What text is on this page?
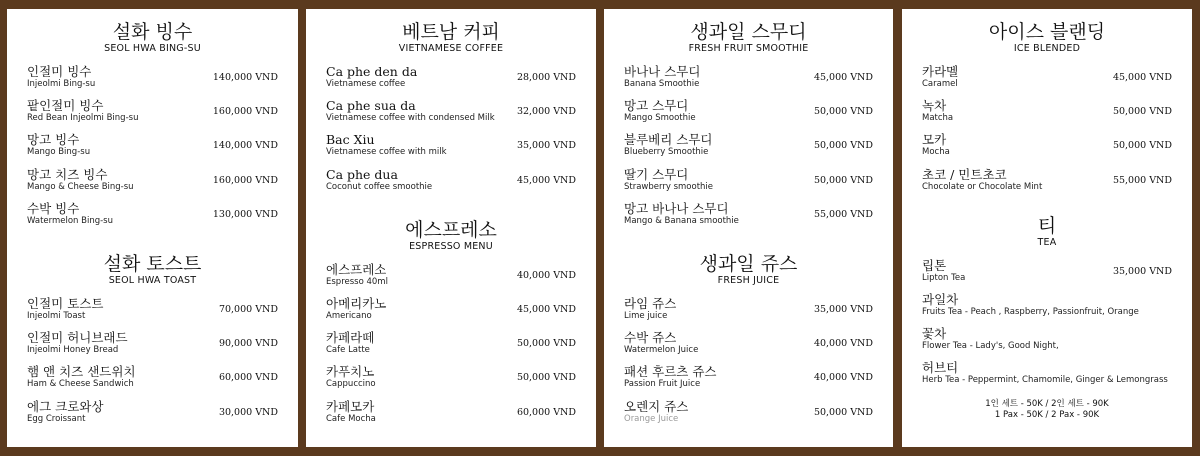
설화 빙수
SEOL HWA BING-SU
인절미 빙수
Injeolmi Bing-su
140,000 VND
팥인절미 빙수
Red Bean Injeolmi Bing-su
160,000 VND
망고 빙수
Mango Bing-su
140,000 VND
망고 치즈 빙수
Mango & Cheese Bing-su
160,000 VND
수박 빙수
Watermelon Bing-su
130,000 VND
설화 토스트
SEOL HWA TOAST
인절미 토스트
Injeolmi Toast
70,000 VND
인절미 허니브래드
Injeolmi Honey Bread
90,000 VND
햄 앤 치즈 샌드위치
Ham & Cheese Sandwich
60,000 VND
에그 크로와상
Egg Croissant
30,000 VND
베트남 커피
VIETNAMESE COFFEE
Ca phe den da
Vietnamese coffee
28,000 VND
Ca phe sua da
Vietnamese coffee with condensed Milk
32,000 VND
Bac Xiu
Vietnamese coffee with milk
35,000 VND
Ca phe dua
Coconut coffee smoothie
45,000 VND
에스프레소
ESPRESSO MENU
에스프레소
Espresso 40ml
40,000 VND
아메리카노
Americano
45,000 VND
카페라떼
Cafe Latte
50,000 VND
카푸치노
Cappuccino
50,000 VND
카페모카
Cafe Mocha
60,000 VND
생과일 스무디
FRESH FRUIT SMOOTHIE
바나나 스무디
Banana Smoothie
45,000 VND
망고 스무디
Mango Smoothie
50,000 VND
블루베리 스무디
Blueberry Smoothie
50,000 VND
딸기 스무디
Strawberry smoothie
50,000 VND
망고 바나나 스무디
Mango & Banana smoothie
55,000 VND
생과일 쥬스
FRESH JUICE
라임 쥬스
Lime juice
35,000 VND
수박 쥬스
Watermelon Juice
40,000 VND
패션 후르츠 쥬스
Passion Fruit Juice
40,000 VND
오렌지 쥬스
Orange Juice
50,000 VND
아이스 블랜딩
ICE BLENDED
카라멜
Caramel
45,000 VND
녹차
Matcha
50,000 VND
모카
Mocha
50,000 VND
초코 / 민트초코
Chocolate or Chocolate Mint
55,000 VND
티
TEA
립톤
Lipton Tea
35,000 VND
과일차
Fruits Tea - Peach , Raspberry, Passionfruit, Orange
꽃차
Flower Tea - Lady's, Good Night,
허브티
Herb Tea - Peppermint, Chamomile, Ginger & Lemongrass
1인 세트 - 50K / 2인 세트 - 90K
1 Pax - 50K / 2 Pax - 90K
